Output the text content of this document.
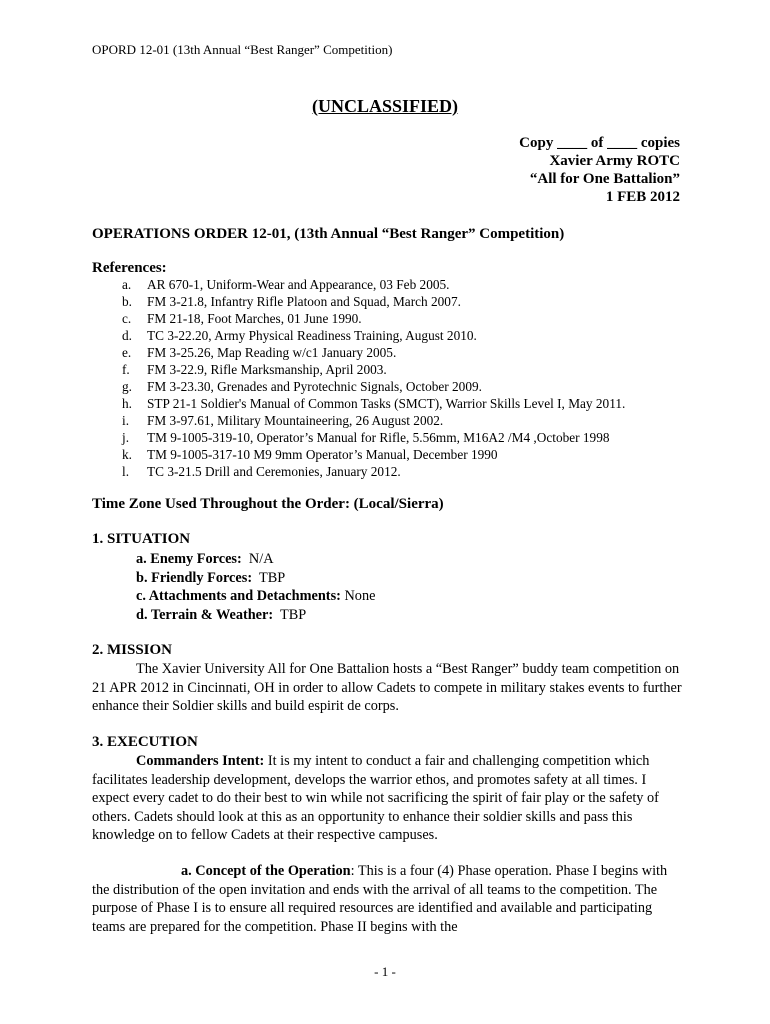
OPORD 12-01 (13th Annual “Best Ranger” Competition)
(UNCLASSIFIED)
Copy ____ of ____ copies
Xavier Army ROTC
“All for One Battalion”
1 FEB 2012
OPERATIONS ORDER 12-01, (13th Annual “Best Ranger” Competition)
References:
a.	AR 670-1, Uniform-Wear and Appearance, 03 Feb 2005.
b.	FM 3-21.8, Infantry Rifle Platoon and Squad, March 2007.
c.	FM 21-18, Foot Marches, 01 June 1990.
d.	TC 3-22.20, Army Physical Readiness Training, August 2010.
e.	FM 3-25.26, Map Reading w/c1 January 2005.
f.	FM 3-22.9, Rifle Marksmanship, April 2003.
g.	FM 3-23.30, Grenades and Pyrotechnic Signals, October 2009.
h.	STP 21-1 Soldier's Manual of Common Tasks (SMCT), Warrior Skills Level I, May 2011.
i.	FM 3-97.61, Military Mountaineering, 26 August 2002.
j.	TM 9-1005-319-10, Operator’s Manual for Rifle, 5.56mm, M16A2 /M4 ,October 1998
k.	TM 9-1005-317-10 M9 9mm Operator’s Manual, December 1990
l.	TC 3-21.5 Drill and Ceremonies, January 2012.
Time Zone Used Throughout the Order: (Local/Sierra)
1. SITUATION
a. Enemy Forces: N/A
b. Friendly Forces: TBP
c. Attachments and Detachments: None
d. Terrain & Weather: TBP
2. MISSION
The Xavier University All for One Battalion hosts a “Best Ranger” buddy team competition on 21 APR 2012 in Cincinnati, OH in order to allow Cadets to compete in military stakes events to further enhance their Soldier skills and build espirit de corps.
3. EXECUTION
Commanders Intent: It is my intent to conduct a fair and challenging competition which facilitates leadership development, develops the warrior ethos, and promotes safety at all times. I expect every cadet to do their best to win while not sacrificing the spirit of fair play or the safety of others. Cadets should look at this as an opportunity to enhance their soldier skills and pass this knowledge on to fellow Cadets at their respective campuses.
a. Concept of the Operation: This is a four (4) Phase operation. Phase I begins with the distribution of the open invitation and ends with the arrival of all teams to the competition. The purpose of Phase I is to ensure all required resources are identified and available and participating teams are prepared for the competition. Phase II begins with the
- 1 -
